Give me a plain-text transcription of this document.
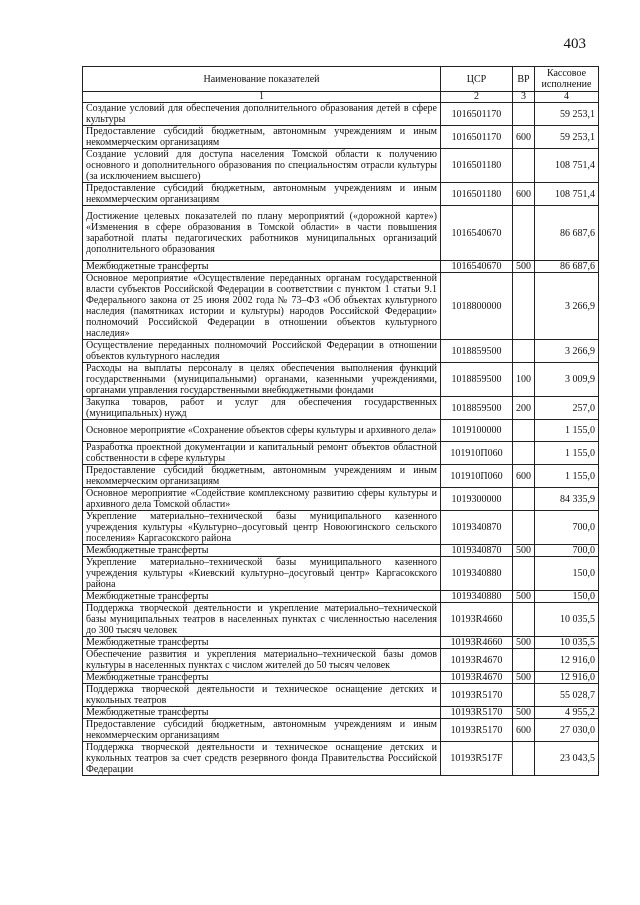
403
Наименование показателей	ЦСР	ВР	Кассовое исполнение
1	2	3	4
Создание условий для обеспечения дополнительного образования детей в сфере культуры	1016501170		59 253,1
Предоставление субсидий бюджетным, автономным учреждениям и иным некоммерческим организациям	1016501170	600	59 253,1
Создание условий для доступа населения Томской области к получению основного и дополнительного образования по специальностям отрасли культуры (за исключением высшего)	1016501180		108 751,4
Предоставление субсидий бюджетным, автономным учреждениям и иным некоммерческим организациям	1016501180	600	108 751,4
Достижение целевых показателей по плану мероприятий («дорожной карте») «Изменения в сфере образования в Томской области» в части повышения заработной платы педагогических работников муниципальных организаций дополнительного образования	1016540670		86 687,6
Межбюджетные трансферты	1016540670	500	86 687,6
Основное мероприятие «Осуществление переданных органам государственной власти субъектов Российской Федерации в соответствии с пунктом 1 статьи 9.1 Федерального закона от 25 июня 2002 года № 73–ФЗ «Об объектах культурного наследия (памятниках истории и культуры) народов Российской Федерации» полномочий Российской Федерации в отношении объектов культурного наследия»	1018800000		3 266,9
Осуществление переданных полномочий Российской Федерации в отношении объектов культурного наследия	1018859500		3 266,9
Расходы на выплаты персоналу в целях обеспечения выполнения функций государственными (муниципальными) органами, казенными учреждениями, органами управления государственными внебюджетными фондами	1018859500	100	3 009,9
Закупка товаров, работ и услуг для обеспечения государственных (муниципальных) нужд	1018859500	200	257,0
Основное мероприятие «Сохранение объектов сферы культуры и архивного дела»	1019100000		1 155,0
Разработка проектной документации и капитальный ремонт объектов областной собственности в сфере культуры	101910П060		1 155,0
Предоставление субсидий бюджетным, автономным учреждениям и иным некоммерческим организациям	101910П060	600	1 155,0
Основное мероприятие «Содействие комплексному развитию сферы культуры и архивного дела Томской области»	1019300000		84 335,9
Укрепление материально–технической базы муниципального казенного учреждения культуры «Культурно–досуговый центр Новоюгинского сельского поселения» Каргасокского района	1019340870		700,0
Межбюджетные трансферты	1019340870	500	700,0
Укрепление материально–технической базы муниципального казенного учреждения культуры «Киевский культурно–досуговый центр» Каргасокского района	1019340880		150,0
Межбюджетные трансферты	1019340880	500	150,0
Поддержка творческой деятельности и укрепление материально–технической базы муниципальных театров в населенных пунктах с численностью населения до 300 тысяч человек	10193R4660		10 035,5
Межбюджетные трансферты	10193R4660	500	10 035,5
Обеспечение развития и укрепления материально–технической базы домов культуры в населенных пунктах с числом жителей до 50 тысяч человек	10193R4670		12 916,0
Межбюджетные трансферты	10193R4670	500	12 916,0
Поддержка творческой деятельности и техническое оснащение детских и кукольных театров	10193R5170		55 028,7
Межбюджетные трансферты	10193R5170	500	4 955,2
Предоставление субсидий бюджетным, автономным учреждениям и иным некоммерческим организациям	10193R5170	600	27 030,0
Поддержка творческой деятельности и техническое оснащение детских и кукольных театров за счет средств резервного фонда Правительства Российской Федерации	10193R517F		23 043,5
